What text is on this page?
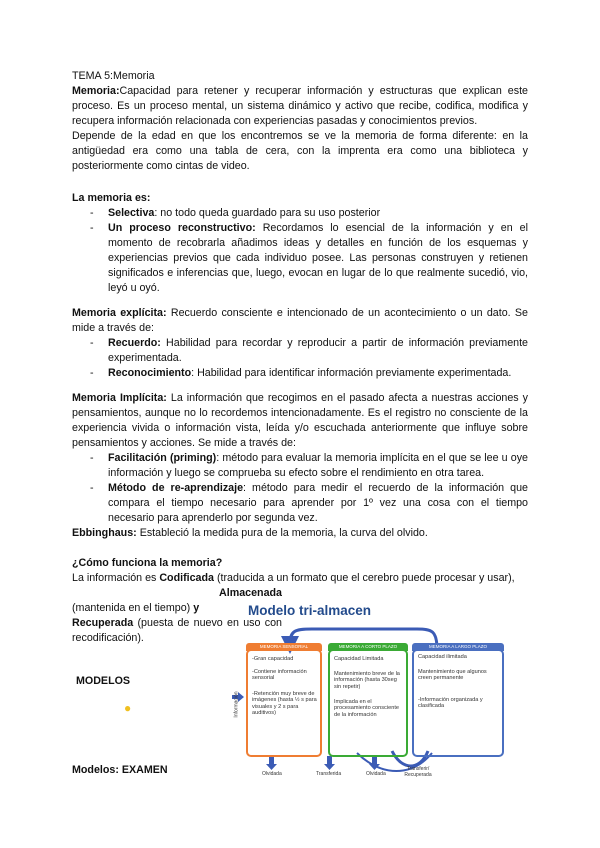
TEMA 5:Memoria

Memoria:Capacidad para retener y recuperar información y estructuras que explican este proceso. Es un proceso mental, un sistema dinámico y activo que recibe, codifica, modifica y recupera información relacionada con experiencias pasadas y conocimientos previos.

Depende de la edad en que los encontremos se ve la memoria de forma diferente: en la antigüedad era como una tabla de cera, con la imprenta era como una biblioteca y posteriormente como cintas de video.

La memoria es:

- Selectiva: no todo queda guardado para su uso posterior
- Un proceso reconstructivo: Recordamos lo esencial de la información y en el momento de recobrarla añadimos ideas y detalles en función de los esquemas y experiencias previos que cada individuo posee. Las personas construyen y retienen significados e inferencias que, luego, evocan en lugar de lo que realmente sucedió, vio, leyó u oyó.

Memoria explícita: Recuerdo consciente e intencionado de un acontecimiento o un dato. Se mide a través de:

- Recuerdo: Habilidad para recordar y reproducir a partir de información previamente experimentada.
- Reconocimiento: Habilidad para identificar información previamente experimentada.

Memoria Implícita: La información que recogimos en el pasado afecta a nuestras acciones y pensamientos, aunque no lo recordemos intencionadamente. Es el registro no consciente de la experiencia vivida o información vista, leída y/o escuchada anteriormente que influye sobre pensamientos y acciones. Se mide a través de:

- Facilitación (priming): método para evaluar la memoria implícita en el que se lee u oye información y luego se comprueba su efecto sobre el rendimiento en otra tarea.
- Método de re-aprendizaje: método para medir el recuerdo de la información que compara el tiempo necesario para aprender por 1º vez una cosa con el tiempo necesario para aprenderlo por segunda vez.

Ebbinghaus: Estableció la medida pura de la memoria, la curva del olvido.

¿Cómo funciona la memoria?

La información es Codificada (traducida a un formato que el cerebro puede procesar y usar),

Almacenada

(mantenida en el tiempo) y

Recuperada (puesta de nuevo en uso con recodificación).

MODELOS

Modelos: EXAMEN

Modelo tri-almacen
Información
MEMORIA SENSORIAL
-Gran capacidad
-Contiene información sensorial
-Retención muy breve de imágenes (hasta ½ s para visuales y 2 s para auditivos)
MEMORIA A CORTO PLAZO
Capacidad Limitada
Mantenimiento breve de la información (hasta 30seg sin repetir)
Implicada en el procesamiento consciente de la información
MEMORIA A LARGO PLAZO
Capacidad ilimitada
Mantenimiento que algunos creen permanente
-Información organizada y clasificada
Olvidada	Transferida	Olvidada
Transferir/ Recuperada
●
